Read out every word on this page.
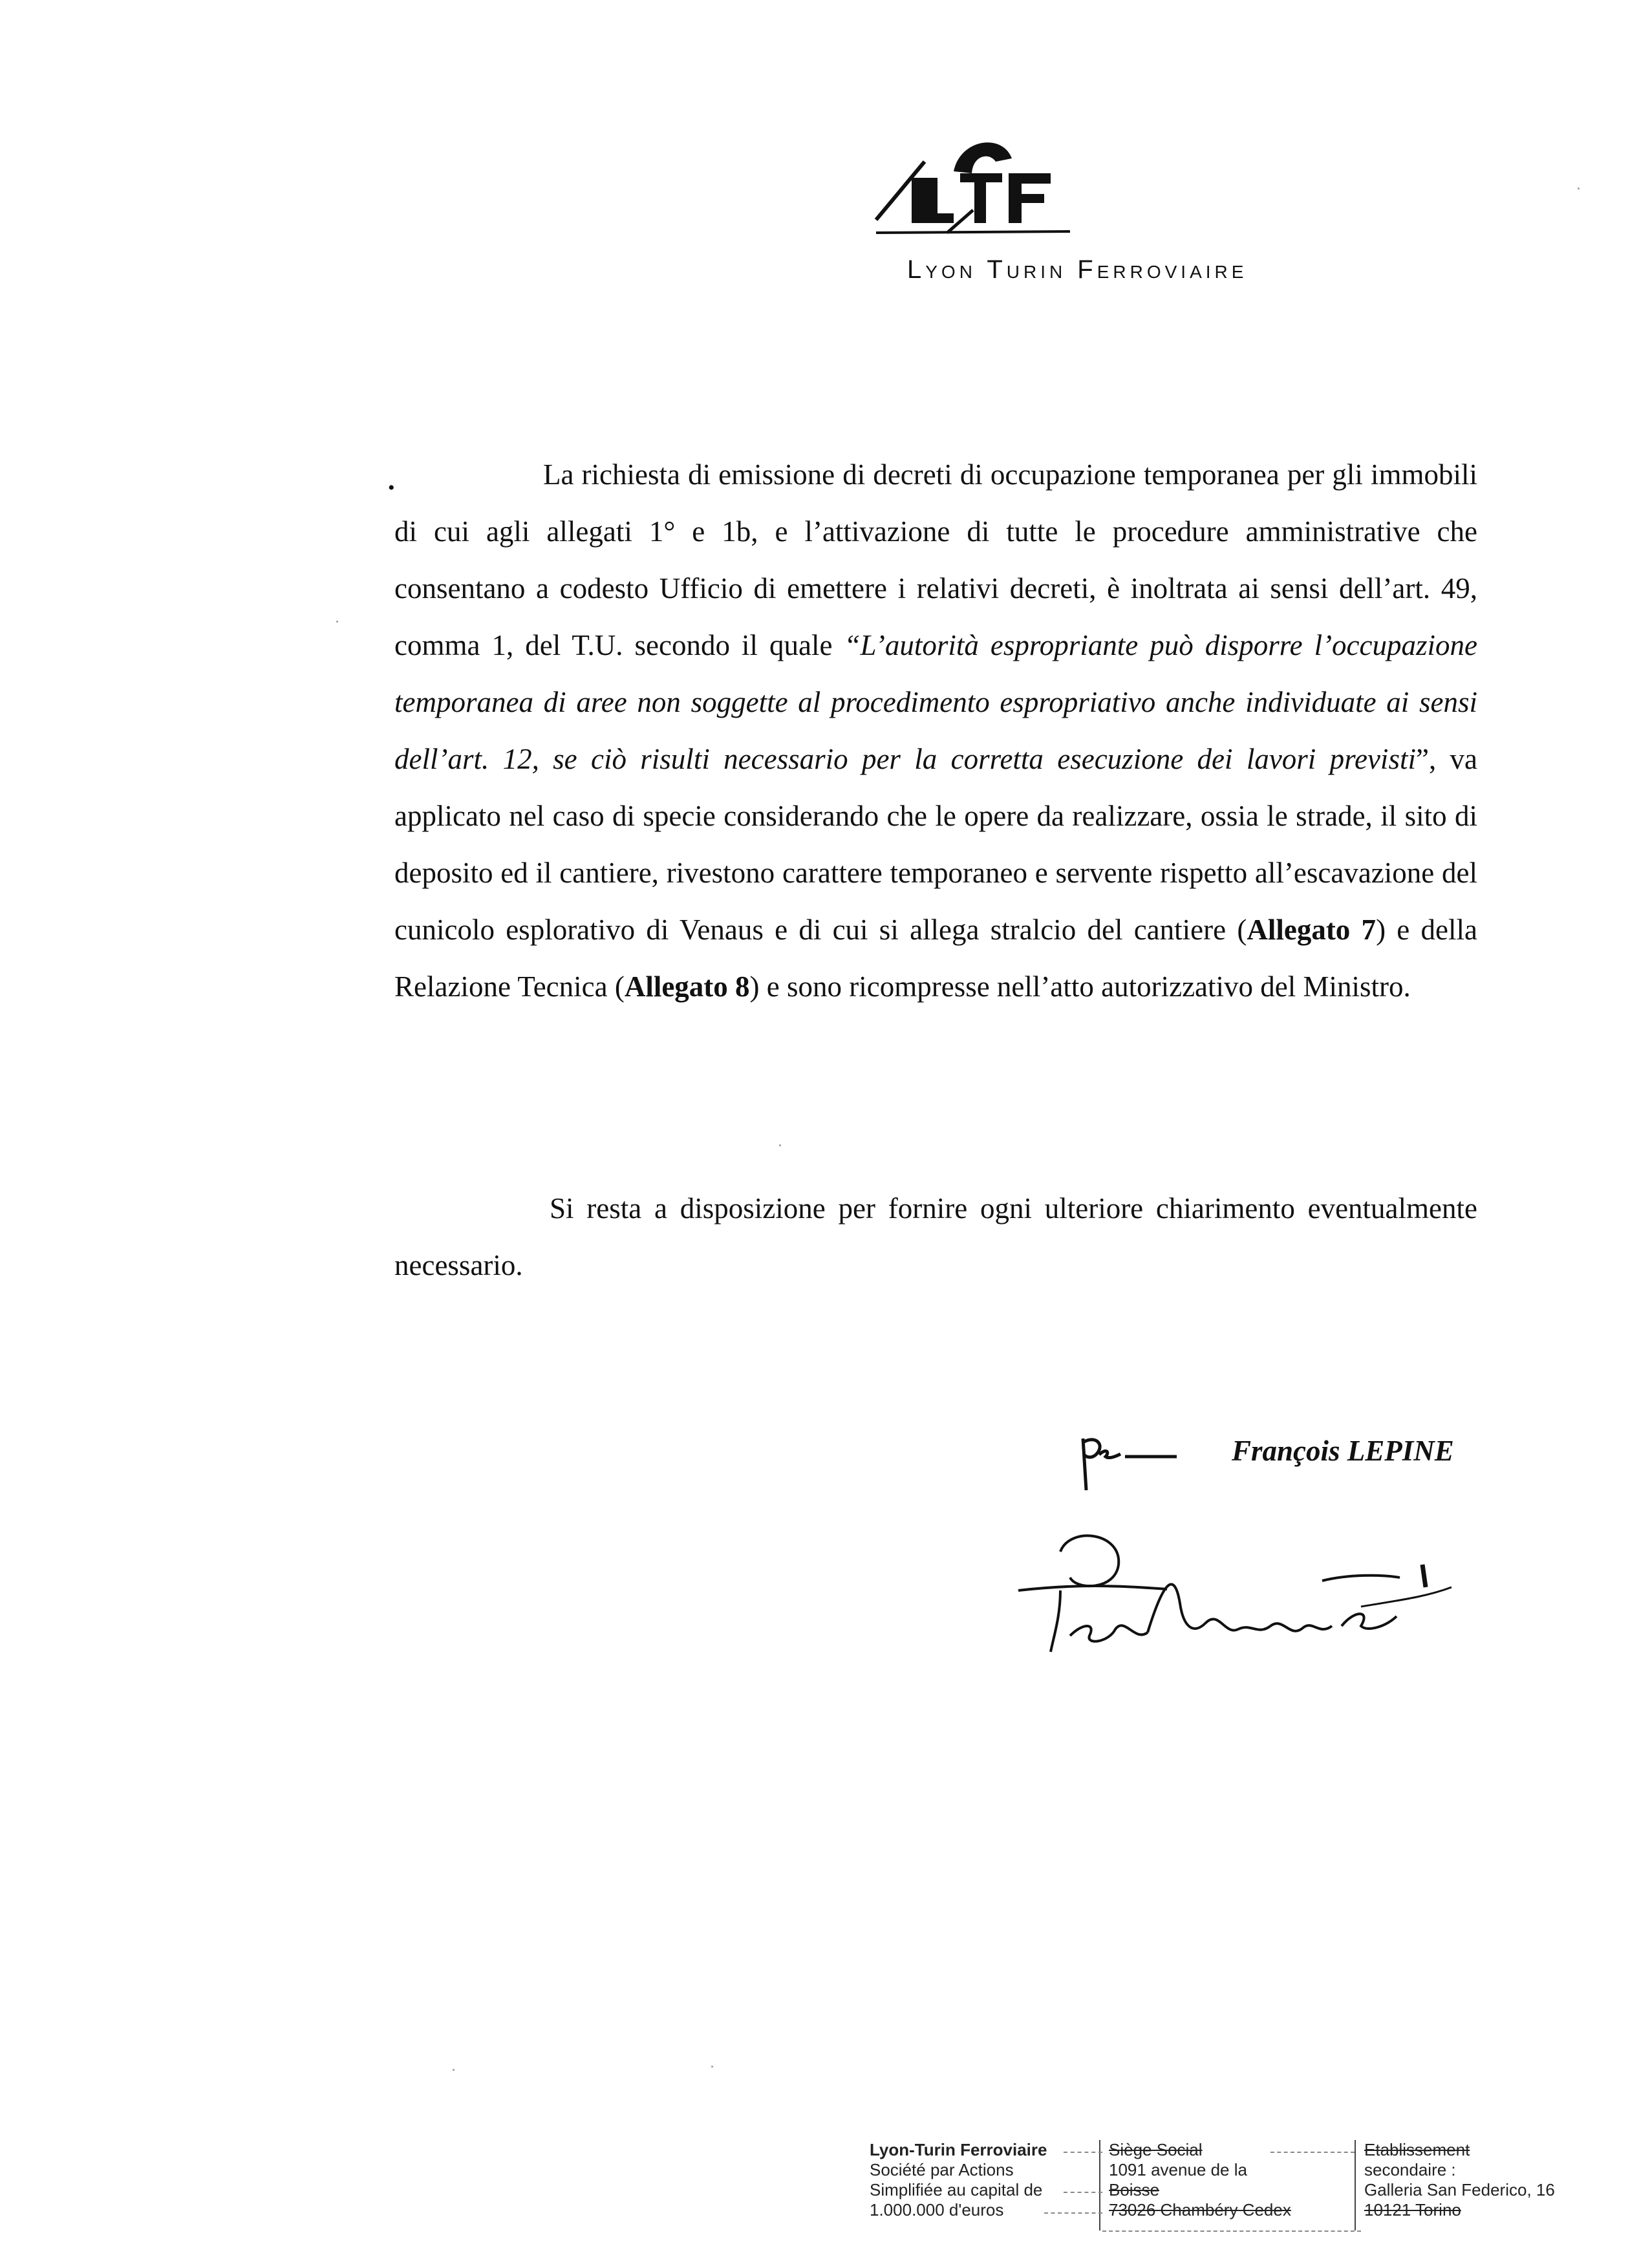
Lyon Turin Ferroviaire
•	La richiesta di emissione di decreti di occupazione temporanea per gli immobili di cui agli allegati 1° e 1b, e l’attivazione di tutte le procedure amministrative che consentano a codesto Ufficio di emettere i relativi decreti, è inoltrata ai sensi dell’art. 49, comma 1, del T.U. secondo il quale “L’autorità espropriante può disporre l’occupazione temporanea di aree non soggette al procedimento espropriativo anche individuate ai sensi dell’art. 12, se ciò risulti necessario per la corretta esecuzione dei lavori previsti”, va applicato nel caso di specie considerando che le opere da realizzare, ossia le strade, il sito di deposito ed il cantiere, rivestono carattere temporaneo e servente rispetto all’escavazione del cunicolo esplorativo di Venaus e di cui si allega stralcio del cantiere (Allegato 7) e della Relazione Tecnica (Allegato 8) e sono ricompresse nell’atto autorizzativo del Ministro.
Si resta a disposizione per fornire ogni ulteriore chiarimento eventualmente necessario.
François LEPINE
Lyon-Turin Ferroviaire
Société par Actions
Simplifiée au capital de
1.000.000 d'euros
Siège Social
1091 avenue de la
Boisse
73026 Chambéry Cedex
Etablissement
secondaire :
Galleria San Federico, 16
10121 Torino
